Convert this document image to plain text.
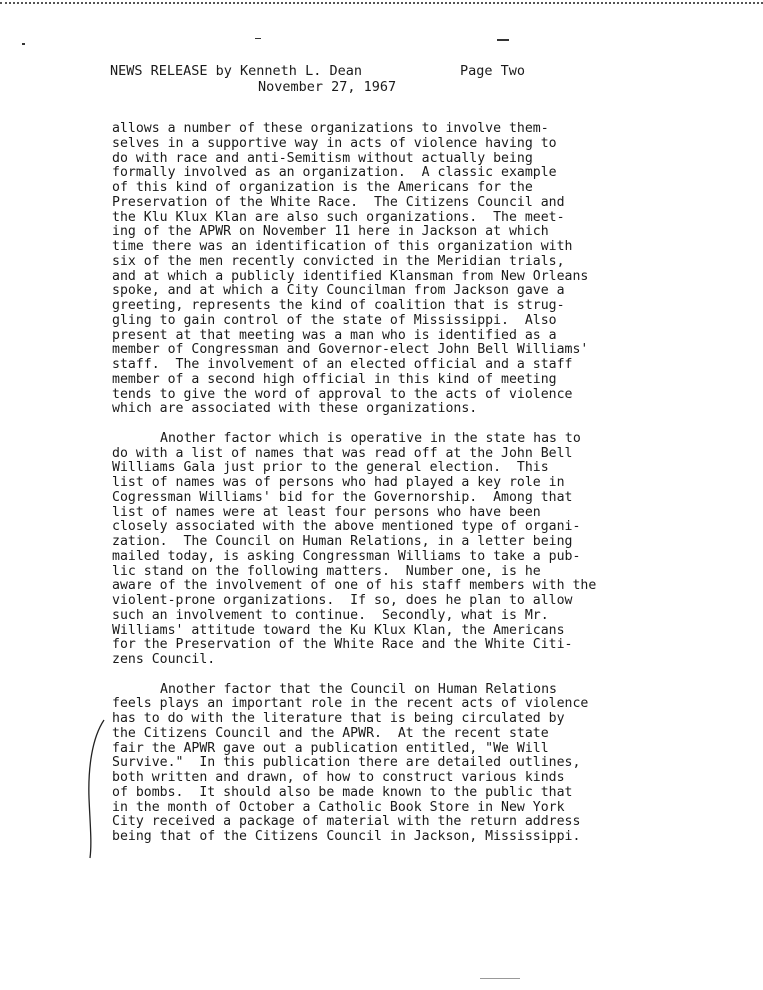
NEWS RELEASE by Kenneth L. Dean	Page Two
November 27, 1967
allows a number of these organizations to involve them-
selves in a supportive way in acts of violence having to
do with race and anti-Semitism without actually being
formally involved as an organization.  A classic example
of this kind of organization is the Americans for the
Preservation of the White Race.  The Citizens Council and
the Klu Klux Klan are also such organizations.  The meet-
ing of the APWR on November 11 here in Jackson at which
time there was an identification of this organization with
six of the men recently convicted in the Meridian trials,
and at which a publicly identified Klansman from New Orleans
spoke, and at which a City Councilman from Jackson gave a
greeting, represents the kind of coalition that is strug-
gling to gain control of the state of Mississippi.  Also
present at that meeting was a man who is identified as a
member of Congressman and Governor-elect John Bell Williams'
staff.  The involvement of an elected official and a staff
member of a second high official in this kind of meeting
tends to give the word of approval to the acts of violence
which are associated with these organizations.
Another factor which is operative in the state has to
do with a list of names that was read off at the John Bell
Williams Gala just prior to the general election.  This
list of names was of persons who had played a key role in
Cogressman Williams' bid for the Governorship.  Among that
list of names were at least four persons who have been
closely associated with the above mentioned type of organi-
zation.  The Council on Human Relations, in a letter being
mailed today, is asking Congressman Williams to take a pub-
lic stand on the following matters.  Number one, is he
aware of the involvement of one of his staff members with the
violent-prone organizations.  If so, does he plan to allow
such an involvement to continue.  Secondly, what is Mr.
Williams' attitude toward the Ku Klux Klan, the Americans
for the Preservation of the White Race and the White Citi-
zens Council.
Another factor that the Council on Human Relations
feels plays an important role in the recent acts of violence
has to do with the literature that is being circulated by
the Citizens Council and the APWR.  At the recent state
fair the APWR gave out a publication entitled, "We Will
Survive."  In this publication there are detailed outlines,
both written and drawn, of how to construct various kinds
of bombs.  It should also be made known to the public that
in the month of October a Catholic Book Store in New York
City received a package of material with the return address
being that of the Citizens Council in Jackson, Mississippi.
